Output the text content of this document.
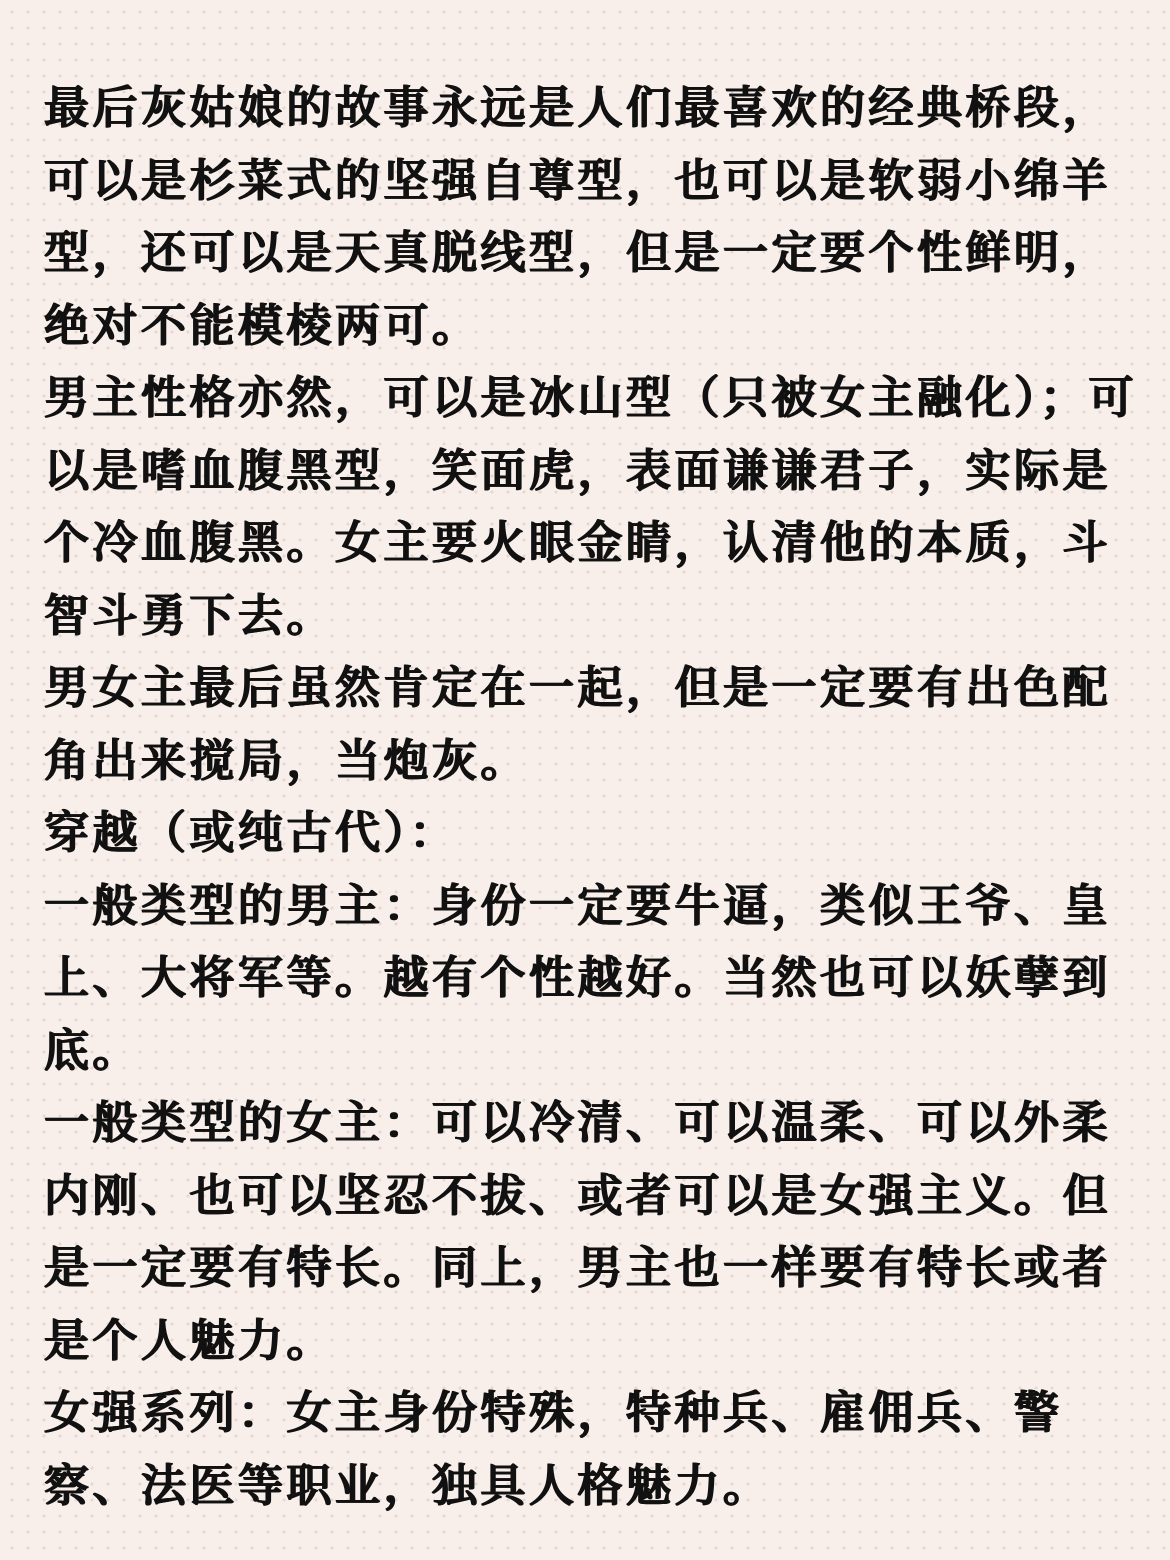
最后灰姑娘的故事永远是人们最喜欢的经典桥段，可以是杉菜式的坚强自尊型，也可以是软弱小绵羊型，还可以是天真脱线型，但是一定要个性鲜明，绝对不能模棱两可。

男主性格亦然，可以是冰山型（只被女主融化）；可以是嗜血腹黑型，笑面虎，表面谦谦君子，实际是个冷血腹黑。女主要火眼金睛，认清他的本质，斗智斗勇下去。

男女主最后虽然肯定在一起，但是一定要有出色配角出来搅局，当炮灰。

穿越（或纯古代）：

一般类型的男主：身份一定要牛逼，类似王爷、皇上、大将军等。越有个性越好。当然也可以妖孽到底。

一般类型的女主：可以冷清、可以温柔、可以外柔内刚、也可以坚忍不拔、或者可以是女强主义。但是一定要有特长。同上，男主也一样要有特长或者是个人魅力。

女强系列：女主身份特殊，特种兵、雇佣兵、警察、法医等职业，独具人格魅力。
